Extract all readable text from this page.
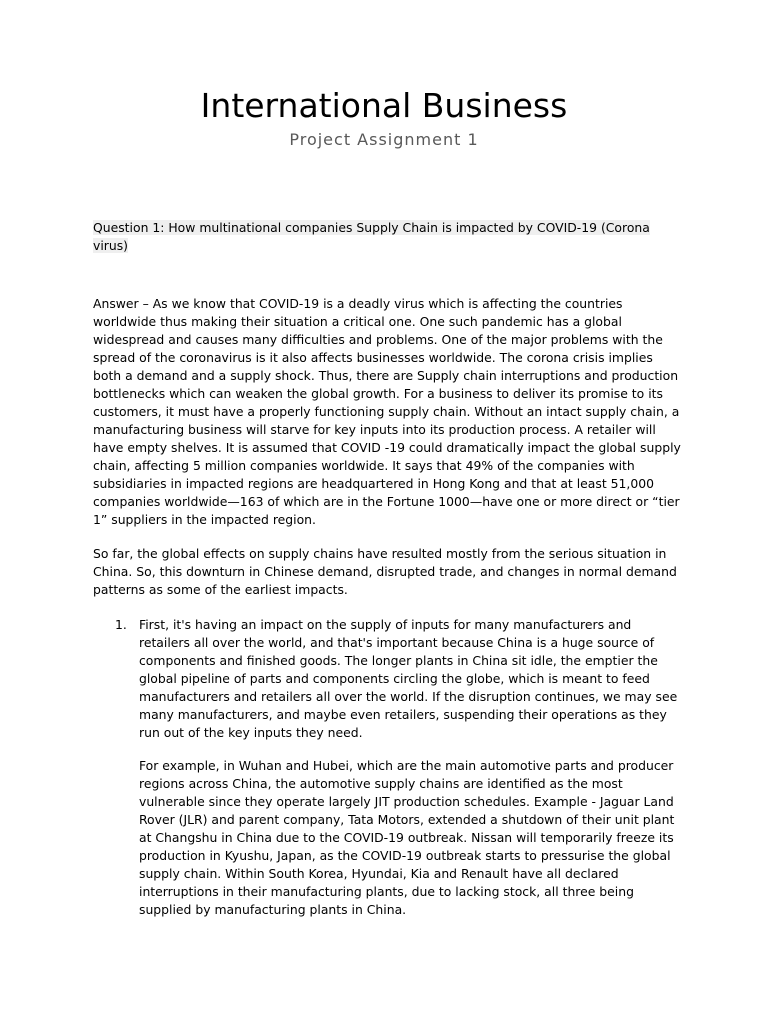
International Business
Project Assignment 1
Question 1: How multinational companies Supply Chain is impacted by COVID-19 (Corona virus)
Answer – As we know that COVID-19 is a deadly virus which is affecting the countries worldwide thus making their situation a critical one. One such pandemic has a global widespread and causes many difficulties and problems. One of the major problems with the spread of the coronavirus is it also affects businesses worldwide. The corona crisis implies both a demand and a supply shock. Thus, there are Supply chain interruptions and production bottlenecks which can weaken the global growth. For a business to deliver its promise to its customers, it must have a properly functioning supply chain. Without an intact supply chain, a manufacturing business will starve for key inputs into its production process. A retailer will have empty shelves. It is assumed that COVID -19 could dramatically impact the global supply chain, affecting 5 million companies worldwide. It says that 49% of the companies with subsidiaries in impacted regions are headquartered in Hong Kong and that at least 51,000 companies worldwide—163 of which are in the Fortune 1000—have one or more direct or “tier 1” suppliers in the impacted region.
So far, the global effects on supply chains have resulted mostly from the serious situation in China. So, this downturn in Chinese demand, disrupted trade, and changes in normal demand patterns as some of the earliest impacts.
1. First, it's having an impact on the supply of inputs for many manufacturers and retailers all over the world, and that's important because China is a huge source of components and finished goods. The longer plants in China sit idle, the emptier the global pipeline of parts and components circling the globe, which is meant to feed manufacturers and retailers all over the world. If the disruption continues, we may see many manufacturers, and maybe even retailers, suspending their operations as they run out of the key inputs they need.
For example, in Wuhan and Hubei, which are the main automotive parts and producer regions across China, the automotive supply chains are identified as the most vulnerable since they operate largely JIT production schedules. Example - Jaguar Land Rover (JLR) and parent company, Tata Motors, extended a shutdown of their unit plant at Changshu in China due to the COVID-19 outbreak. Nissan will temporarily freeze its production in Kyushu, Japan, as the COVID-19 outbreak starts to pressurise the global supply chain. Within South Korea, Hyundai, Kia and Renault have all declared interruptions in their manufacturing plants, due to lacking stock, all three being supplied by manufacturing plants in China.
